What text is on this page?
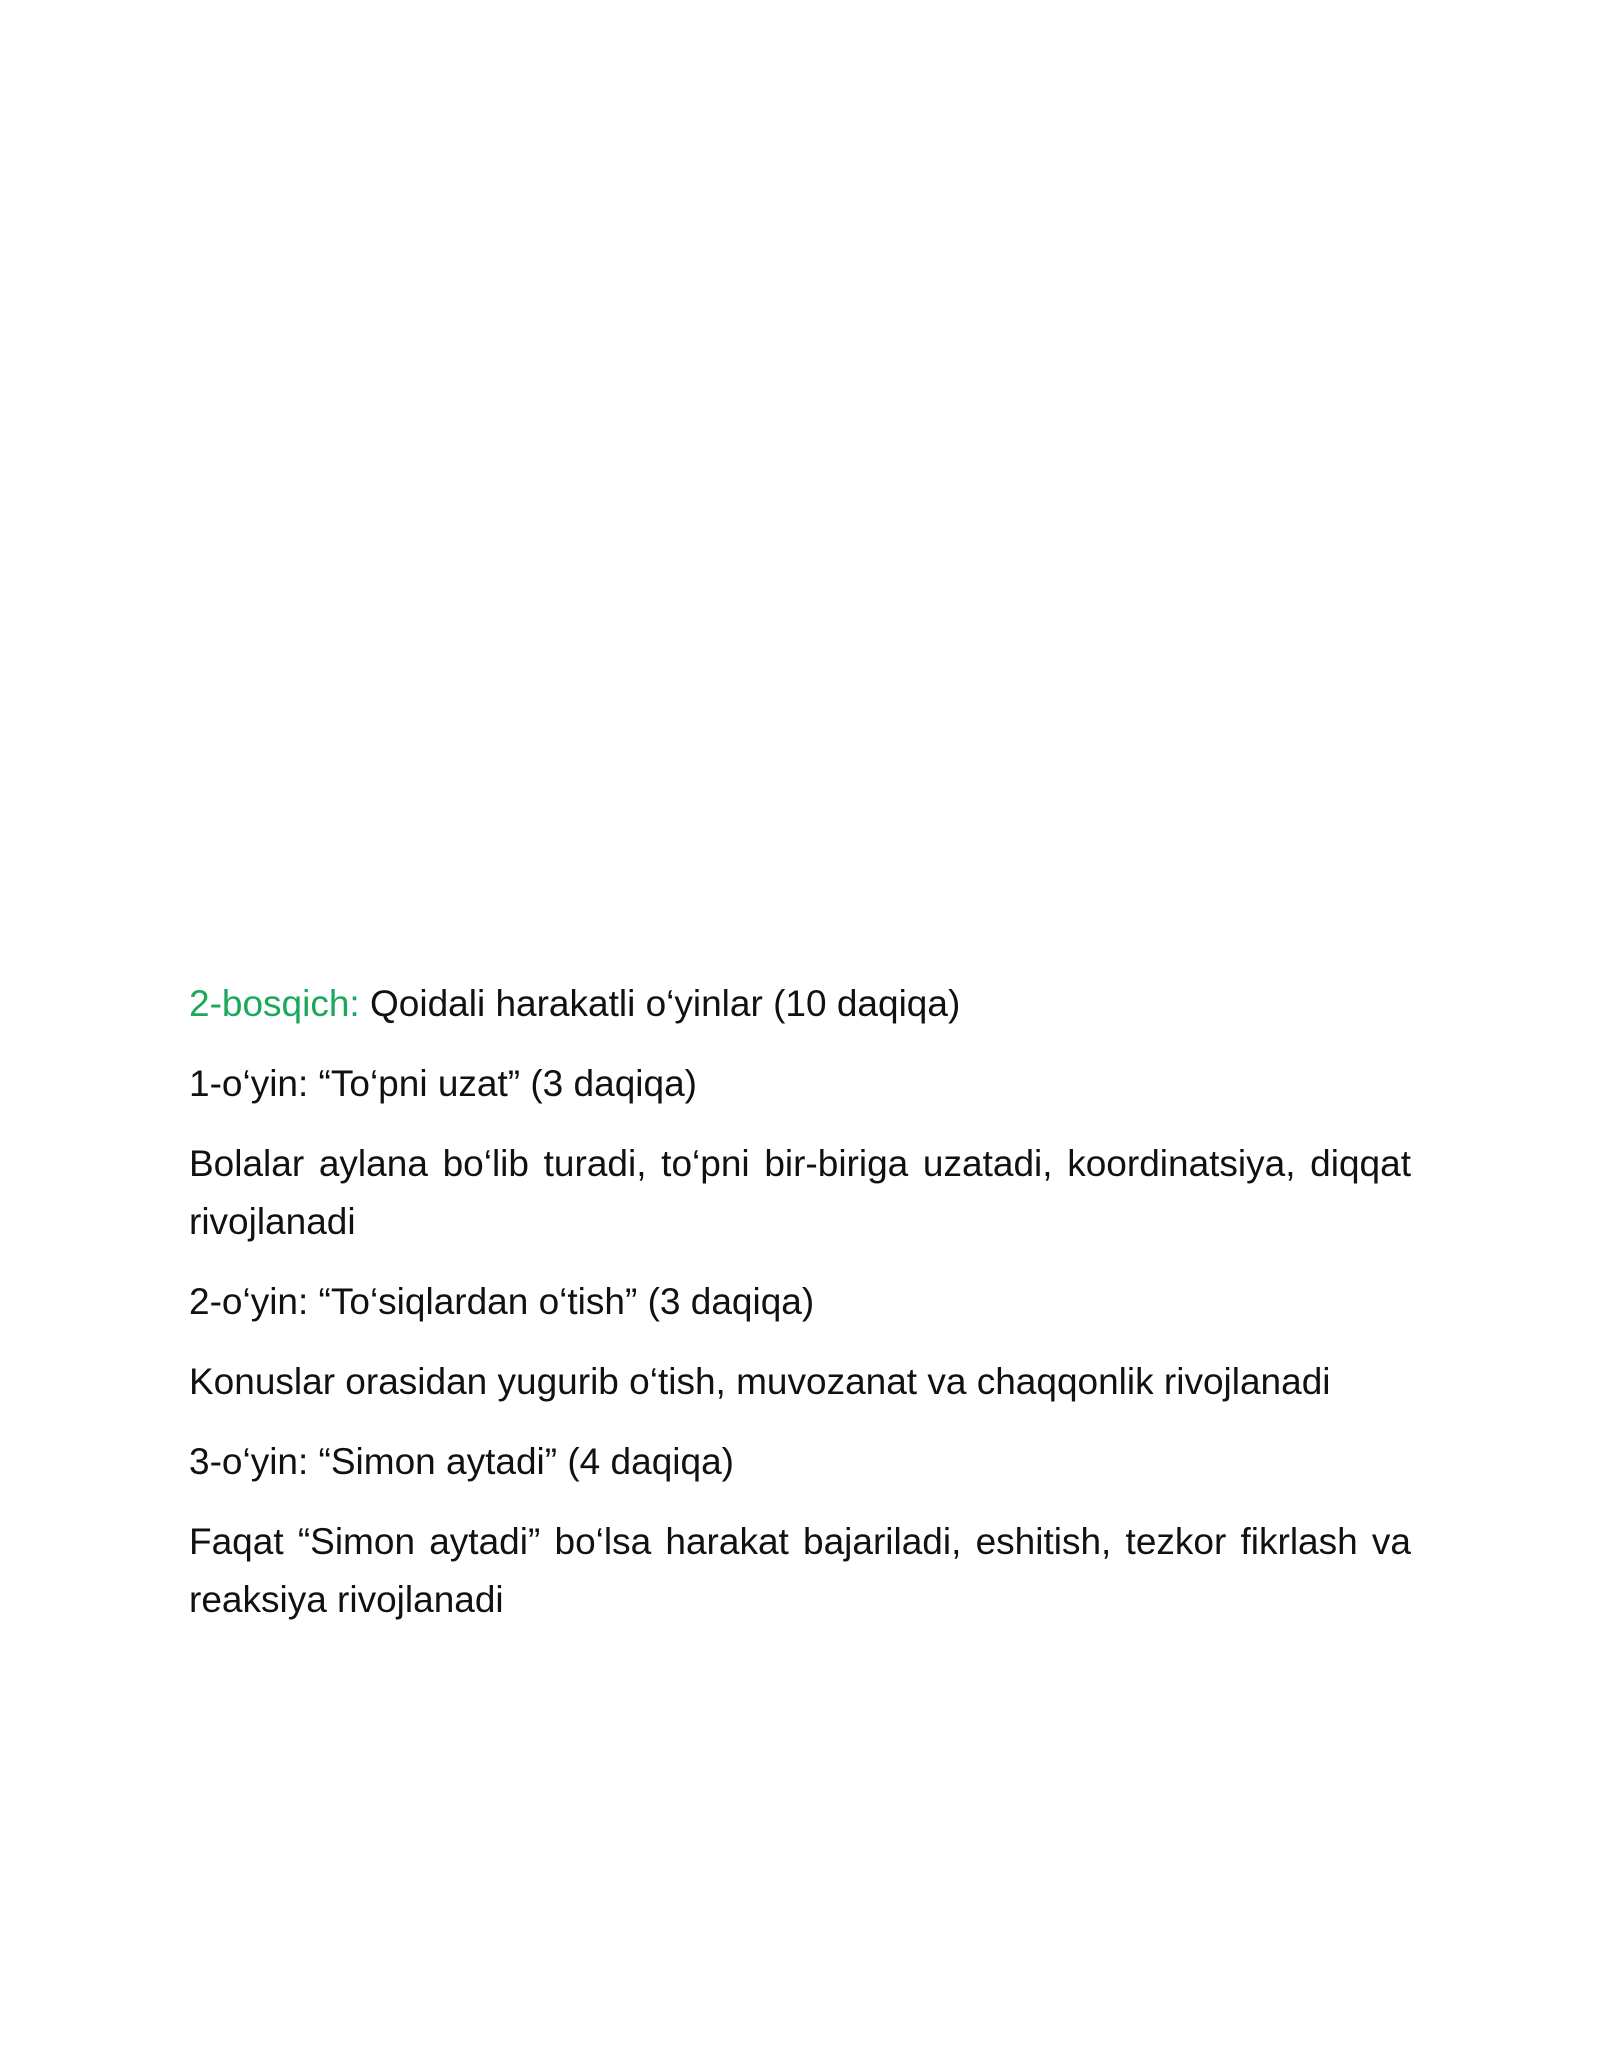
2-bosqich: Qoidali harakatli o‘yinlar (10 daqiqa)

1-o‘yin: “To‘pni uzat” (3 daqiqa)

Bolalar aylana bo‘lib turadi, to‘pni bir-biriga uzatadi, koordinatsiya, diqqat rivojlanadi

2-o‘yin: “To‘siqlardan o‘tish” (3 daqiqa)

Konuslar orasidan yugurib o‘tish, muvozanat va chaqqonlik rivojlanadi

3-o‘yin: “Simon aytadi” (4 daqiqa)

Faqat “Simon aytadi” bo‘lsa harakat bajariladi, eshitish, tezkor fikrlash va reaksiya rivojlanadi
